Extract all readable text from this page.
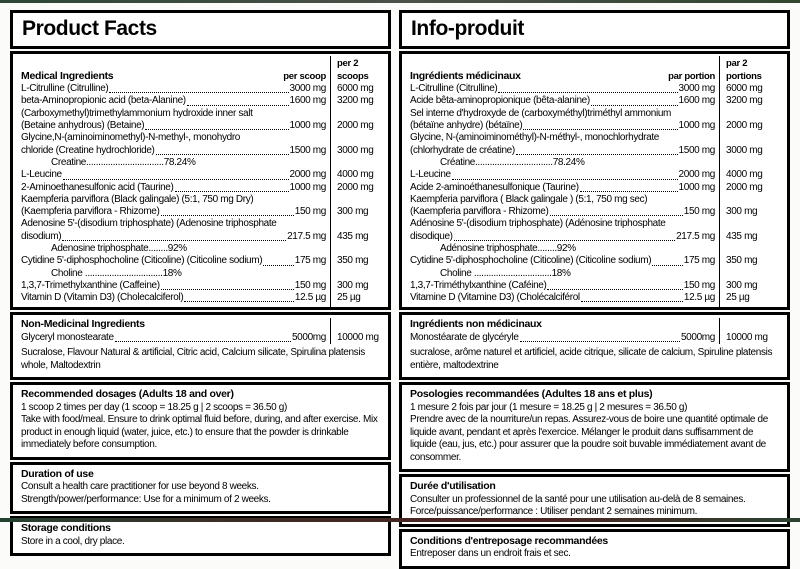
Product Facts
Medical Ingredients	per scoop
per 2 scoops
L-Citrulline (Citrulline)	3000 mg 6000 mg
beta-Aminopropionic acid (beta-Alanine)	1600 mg 3200 mg
(Carboxymethyl)trimethylammonium hydroxide inner salt
(Betaine anhydrous) (Betaine)	1000 mg 2000 mg
Glycine,N-(aminoiminomethyl)-N-methyl-, monohydro
chloride (Creatine hydrochloride)	1500 mg 3000 mg
Creatine................................78.24%
L-Leucine	2000 mg 4000 mg
2-Aminoethanesulfonic acid (Taurine)	1000 mg 2000 mg
Kaempferia parviflora (Black galingale) (5:1, 750 mg Dry)
(Kaempferia parviflora - Rhizome)	150 mg 300 mg
Adenosine 5'-(disodium triphosphate) (Adenosine triphosphate
disodium)	217.5 mg 435 mg
Adenosine triphosphate........92%
Cytidine 5'-diphosphocholine (Citicoline) (Citicoline sodium)	175 mg 350 mg
Choline ................................18%
1,3,7-Trimethylxanthine (Caffeine)	150 mg 300 mg
Vitamin D (Vitamin D3) (Cholecalciferol)	12.5 µg 25 µg
Non-Medicinal Ingredients
Glyceryl monostearate	5000mg 10000 mg
Sucralose, Flavour Natural & artificial, Citric acid, Calcium silicate, Spirulina platensis whole, Maltodextrin
Recommended dosages (Adults 18 and over)
1 scoop 2 times per day (1 scoop = 18.25 g | 2 scoops = 36.50 g)
Take with food/meal. Ensure to drink optimal fluid before, during, and after exercise. Mix product in enough liquid (water, juice, etc.) to ensure that the powder is drinkable immediately before consumption.
Duration of use
Consult a health care practitioner for use beyond 8 weeks.
Strength/power/performance: Use for a minimum of 2 weeks.
Storage conditions
Store in a cool, dry place.
Info-produit
Ingrédients médicinaux	par portion
par 2 portions
L-Citrulline (Citrulline)	3000 mg 6000 mg
Acide bêta-aminopropionique (bêta-alanine)	1600 mg 3200 mg
Sel interne d'hydroxyde de (carboxyméthyl)triméthyl ammonium
(bétaïne anhydre) (bétaïne)	1000 mg 2000 mg
Glycine, N-(aminoiminométhyl)-N-méthyl-, monochlorhydrate
(chlorhydrate de créatine)	1500 mg 3000 mg
Créatine................................78.24%
L-Leucine	2000 mg 4000 mg
Acide 2-aminoéthanesulfonique (Taurine)	1000 mg 2000 mg
Kaempferia parviflora ( Black galingale ) (5:1, 750 mg sec)
(Kaempferia parviflora - Rhizome)	150 mg 300 mg
Adénosine 5'-(disodium triphosphate) (Adénosine triphosphate
disodique)	217.5 mg 435 mg
Adénosine triphosphate........92%
Cytidine 5'-diphosphocholine (Citicoline) (Citicoline sodium)	175 mg 350 mg
Choline ................................18%
1,3,7-Triméthylxanthine (Caféine)	150 mg 300 mg
Vitamine D (Vitamine D3) (Cholécalciférol	12.5 µg 25 µg
Ingrédients non médicinaux
Monostéarate de glycéryle	5000mg 10000 mg
sucralose, arôme naturel et artificiel, acide citrique, silicate de calcium, Spiruline platensis entière, maltodextrine
Posologies recommandées (Adultes 18 ans et plus)
1 mesure 2 fois par jour (1 mesure = 18.25 g | 2 mesures = 36.50 g)
Prendre avec de la nourriture/un repas. Assurez-vous de boire une quantité optimale de liquide avant, pendant et après l'exercice. Mélanger le produit dans suffisamment de liquide (eau, jus, etc.) pour assurer que la poudre soit buvable immédiatement avant de consommer.
Durée d'utilisation
Consulter un professionnel de la santé pour une utilisation au-delà de 8 semaines.
Force/puissance/performance : Utiliser pendant 2 semaines minimum.
Conditions d'entreposage recommandées
Entreposer dans un endroit frais et sec.
